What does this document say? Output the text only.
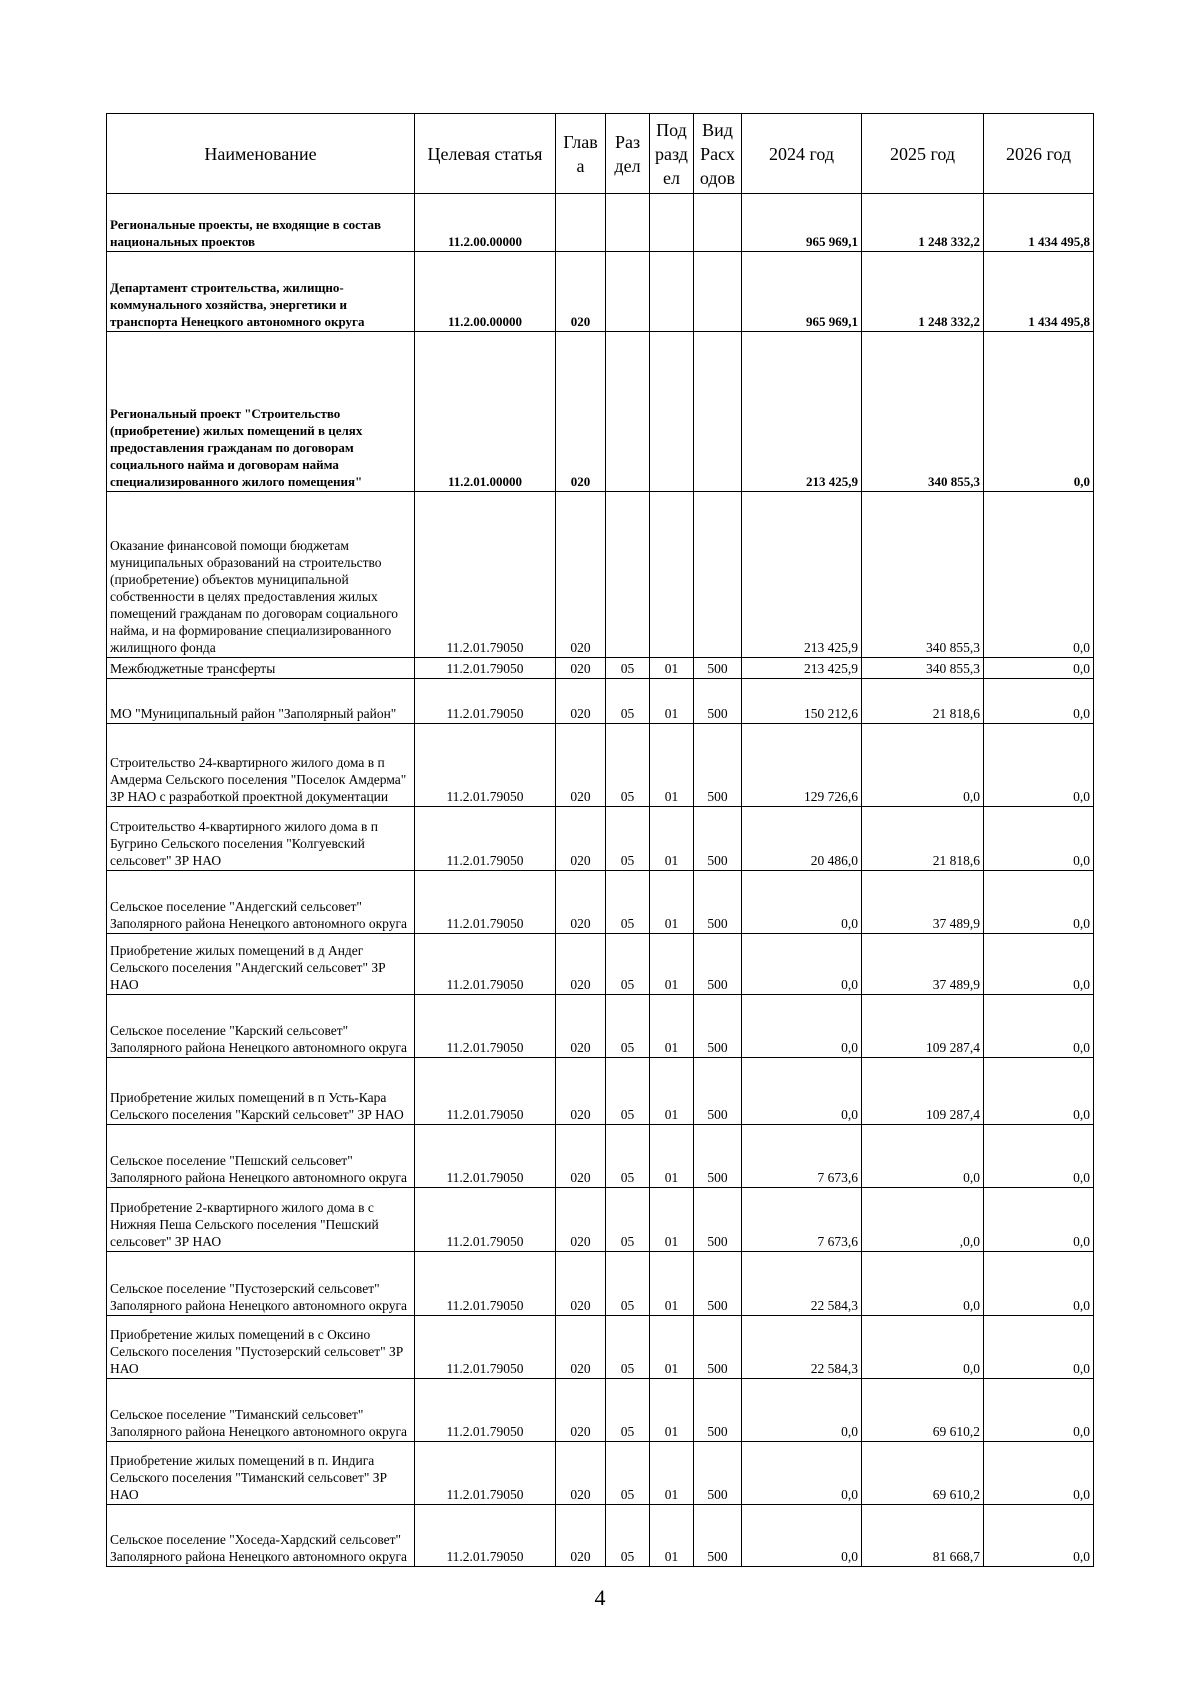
Наименование	Целевая статья	Глав а	Раз дел	Под разд ел	Вид Расх одов	2024 год	2025 год	2026 год
Региональные проекты, не входящие в состав национальных проектов	11.2.00.00000					965 969,1	1 248 332,2	1 434 495,8
Департамент строительства, жилищно-коммунального хозяйства, энергетики и транспорта Ненецкого автономного округа	11.2.00.00000	020				965 969,1	1 248 332,2	1 434 495,8
Региональный проект "Строительство (приобретение) жилых помещений в целях предоставления гражданам по договорам социального найма и договорам найма специализированного жилого помещения"	11.2.01.00000	020				213 425,9	340 855,3	0,0
Оказание финансовой помощи бюджетам муниципальных образований на строительство (приобретение) объектов муниципальной собственности в целях предоставления жилых помещений гражданам по договорам социального найма, и на формирование специализированного жилищного фонда	11.2.01.79050	020				213 425,9	340 855,3	0,0
Межбюджетные трансферты	11.2.01.79050	020	05	01	500	213 425,9	340 855,3	0,0
МО "Муниципальный район "Заполярный район"	11.2.01.79050	020	05	01	500	150 212,6	21 818,6	0,0
Строительство 24-квартирного жилого дома в п Амдерма Сельского поселения "Поселок Амдерма" ЗР НАО с разработкой проектной документации	11.2.01.79050	020	05	01	500	129 726,6	0,0	0,0
Строительство 4-квартирного жилого дома в п Бугрино Сельского поселения "Колгуевский сельсовет" ЗР НАО	11.2.01.79050	020	05	01	500	20 486,0	21 818,6	0,0
Сельское поселение "Андегский сельсовет" Заполярного района Ненецкого автономного округа	11.2.01.79050	020	05	01	500	0,0	37 489,9	0,0
Приобретение жилых помещений в д Андег Сельского поселения "Андегский сельсовет" ЗР НАО	11.2.01.79050	020	05	01	500	0,0	37 489,9	0,0
Сельское поселение "Карский сельсовет" Заполярного района Ненецкого автономного округа	11.2.01.79050	020	05	01	500	0,0	109 287,4	0,0
Приобретение жилых помещений в п Усть-Кара Сельского поселения "Карский сельсовет" ЗР НАО	11.2.01.79050	020	05	01	500	0,0	109 287,4	0,0
Сельское поселение "Пешский сельсовет" Заполярного района Ненецкого автономного округа	11.2.01.79050	020	05	01	500	7 673,6	0,0	0,0
Приобретение 2-квартирного жилого дома в с Нижняя Пеша Сельского поселения "Пешский сельсовет" ЗР НАО	11.2.01.79050	020	05	01	500	7 673,6	,0,0	0,0
Сельское поселение "Пустозерский сельсовет" Заполярного района Ненецкого автономного округа	11.2.01.79050	020	05	01	500	22 584,3	0,0	0,0
Приобретение жилых помещений в с Оксино Сельского поселения "Пустозерский сельсовет" ЗР НАО	11.2.01.79050	020	05	01	500	22 584,3	0,0	0,0
Сельское поселение "Тиманский сельсовет" Заполярного района Ненецкого автономного округа	11.2.01.79050	020	05	01	500	0,0	69 610,2	0,0
Приобретение жилых помещений в п. Индига Сельского поселения "Тиманский сельсовет" ЗР НАО	11.2.01.79050	020	05	01	500	0,0	69 610,2	0,0
Сельское поселение "Хоседа-Хардский сельсовет" Заполярного района Ненецкого автономного округа	11.2.01.79050	020	05	01	500	0,0	81 668,7	0,0
4
